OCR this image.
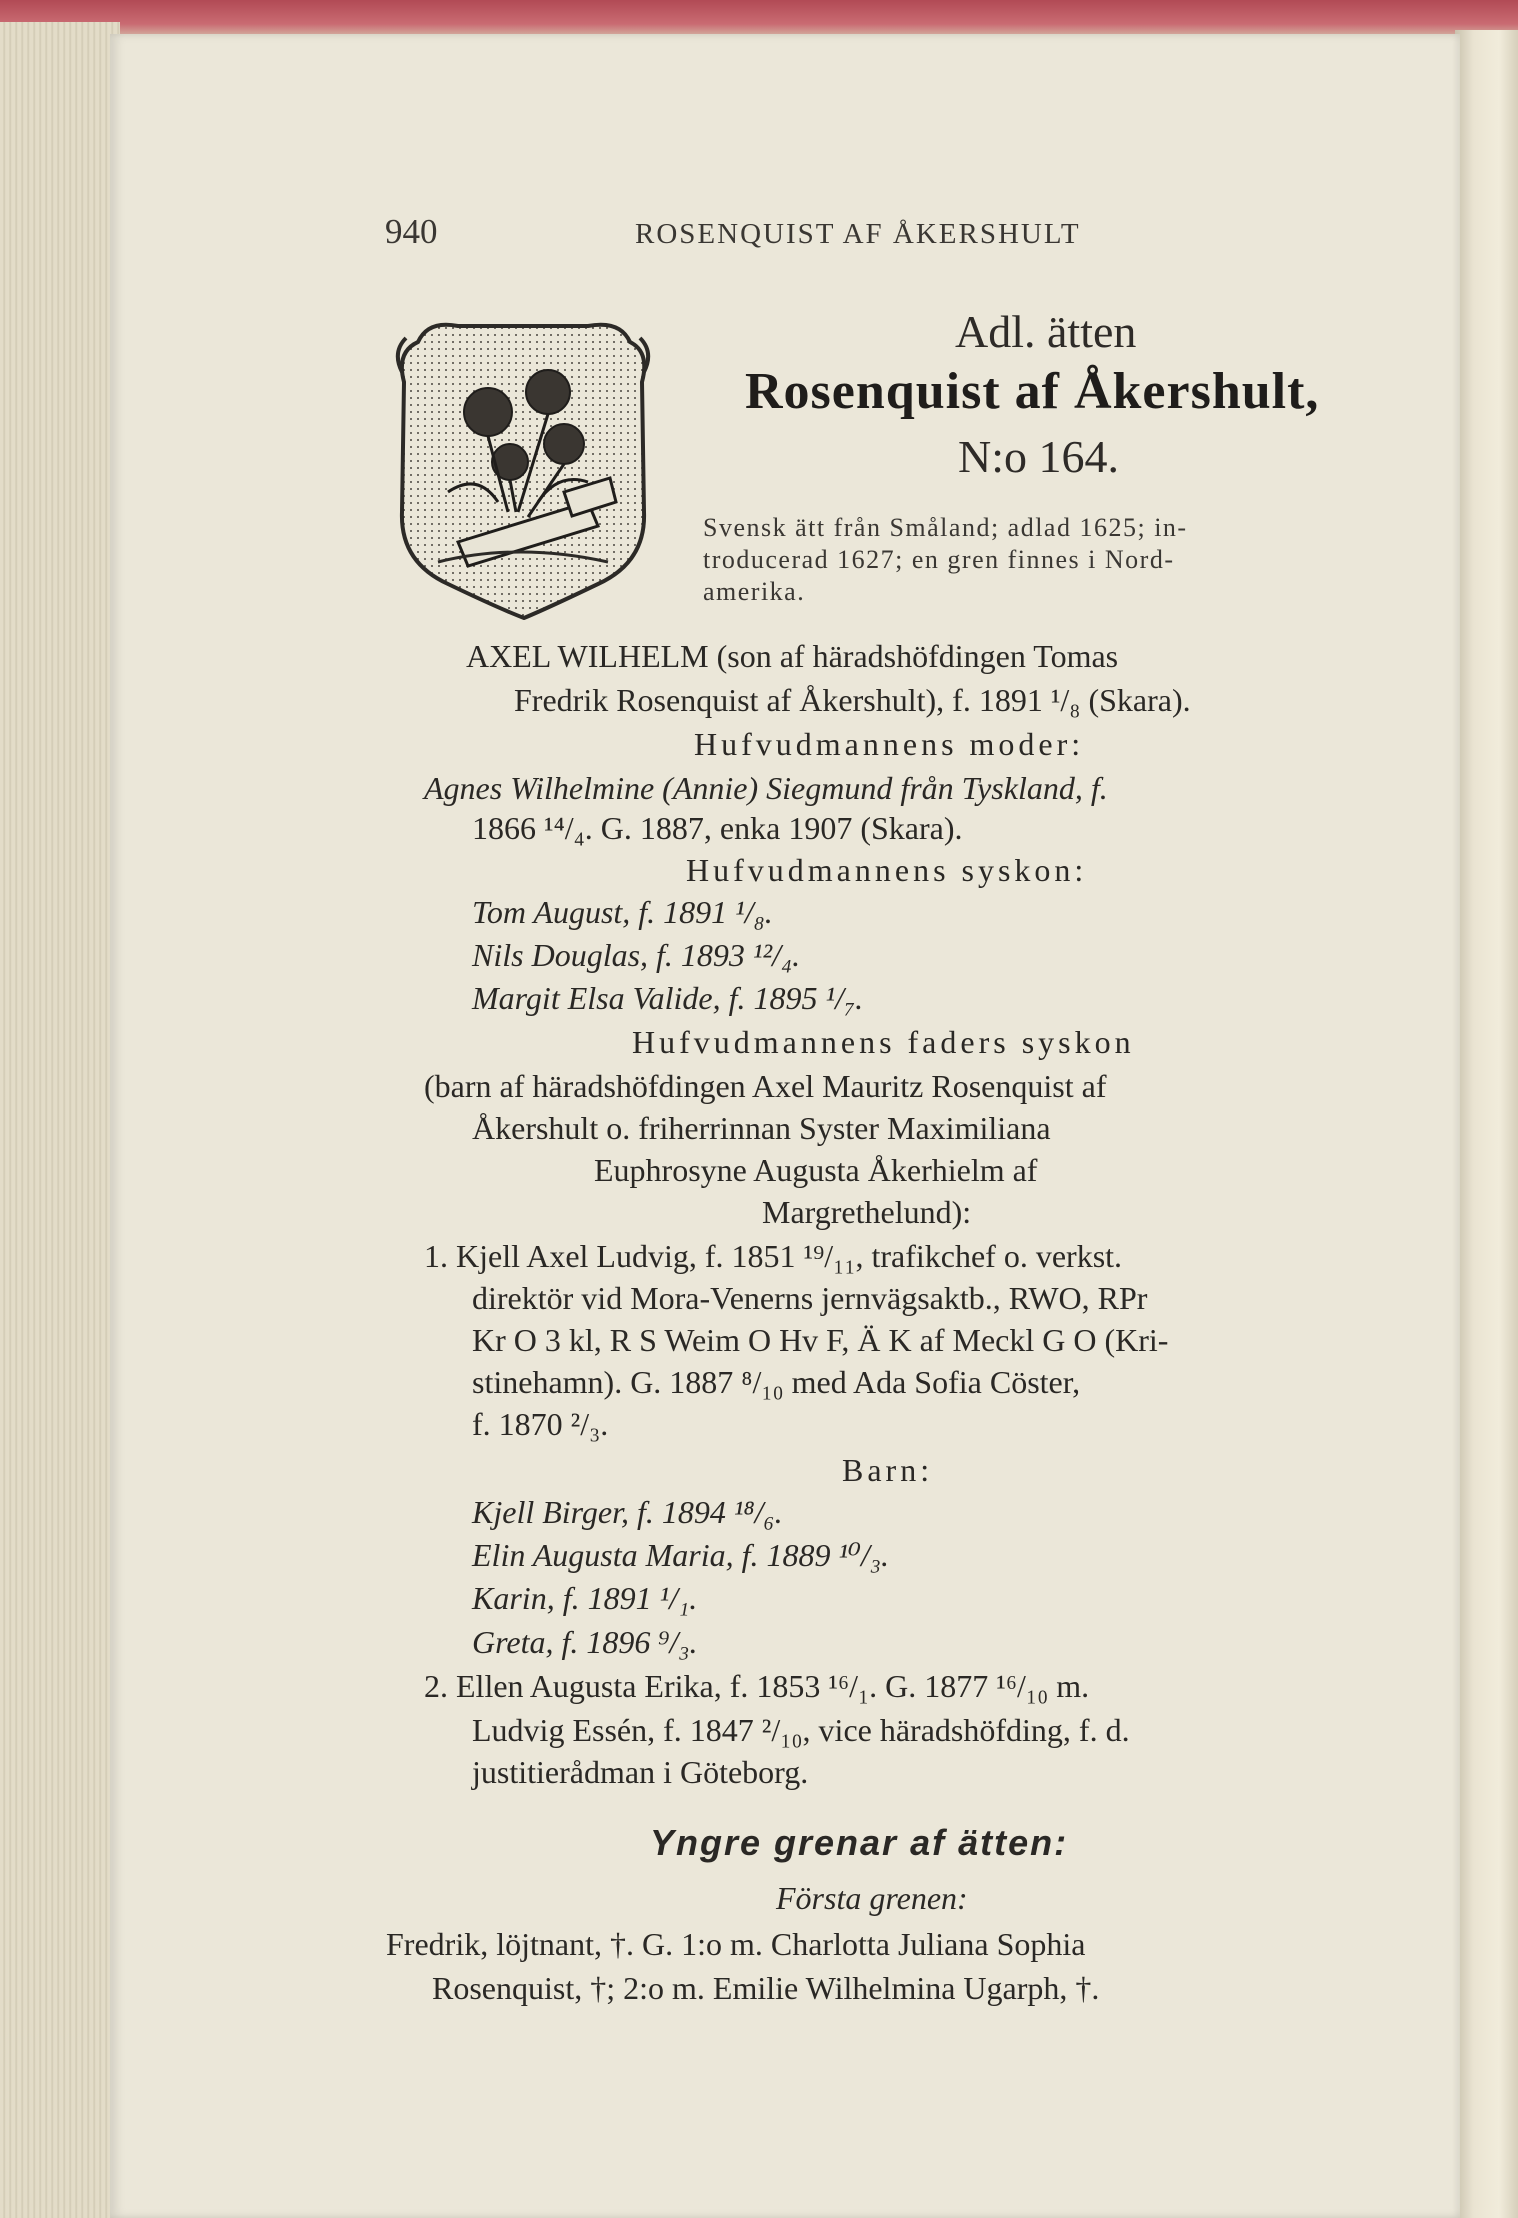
940	ROSENQUIST AF ÅKERSHULT
Adl. ätten
Rosenquist af Åkershult,
N:o 164.
Svensk ätt från Småland; adlad 1625; in-
troducerad 1627; en gren finnes i Nord-
amerika.
AXEL WILHELM (son af häradshöfdingen Tomas
Fredrik Rosenquist af Åkershult), f. 1891 ¹/₈ (Skara).
Hufvudmannens moder:
Agnes Wilhelmine (Annie) Siegmund från Tyskland, f.
1866 ¹⁴/₄. G. 1887, enka 1907 (Skara).
Hufvudmannens syskon:
Tom August, f. 1891 ¹/₈.
Nils Douglas, f. 1893 ¹²/₄.
Margit Elsa Valide, f. 1895 ¹/₇.
Hufvudmannens faders syskon
(barn af häradshöfdingen Axel Mauritz Rosenquist af
Åkershult o. friherrinnan Syster Maximiliana
Euphrosyne Augusta Åkerhielm af
Margrethelund):
1. Kjell Axel Ludvig, f. 1851 ¹⁹/₁₁, trafikchef o. verkst.
direktör vid Mora-Venerns jernvägsaktb., RWO, RPr
Kr O 3 kl, R S Weim O Hv F, Ä K af Meckl G O (Kri-
stinehamn). G. 1887 ⁸/₁₀ med Ada Sofia Cöster,
f. 1870 ²/₃.
Barn:
Kjell Birger, f. 1894 ¹⁸/₆.
Elin Augusta Maria, f. 1889 ¹⁰/₃.
Karin, f. 1891 ¹/₁.
Greta, f. 1896 ⁹/₃.
2. Ellen Augusta Erika, f. 1853 ¹⁶/₁. G. 1877 ¹⁶/₁₀ m.
Ludvig Essén, f. 1847 ²/₁₀, vice häradshöfding, f. d.
justitierådman i Göteborg.
Yngre grenar af ätten:
Första grenen:
Fredrik, löjtnant, †. G. 1:o m. Charlotta Juliana Sophia
Rosenquist, †; 2:o m. Emilie Wilhelmina Ugarph, †.
